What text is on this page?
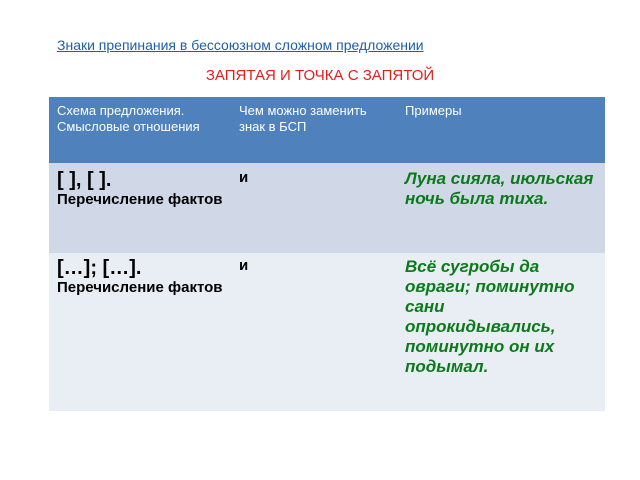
Знаки препинания в бессоюзном сложном предложении
ЗАПЯТАЯ И ТОЧКА С ЗАПЯТОЙ
Схема предложения. Смысловые отношения	Чем можно заменить знак в БСП	Примеры

[ ], [ ].
Перечисление фактов	и	Луна сияла, июльская ночь была тиха.

[…]; […].
Перечисление фактов	и	Всё сугробы да овраги; поминутно сани опрокидывались, поминутно он их подымал.
